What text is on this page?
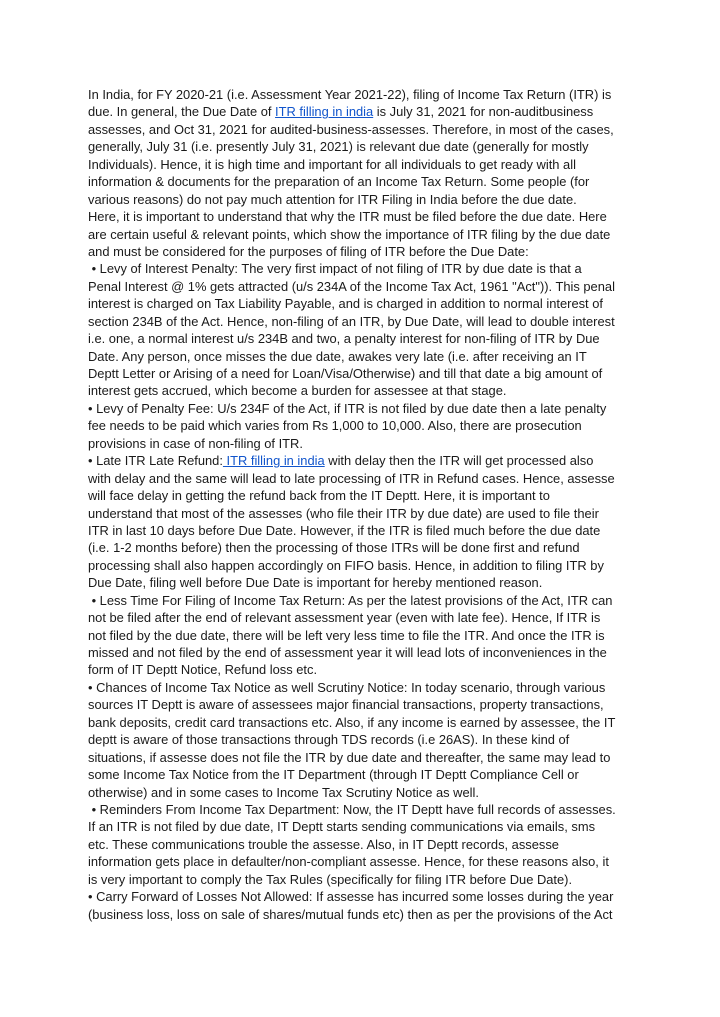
In India, for FY 2020-21 (i.e. Assessment Year 2021-22), filing of Income Tax Return (ITR) is
due. In general, the Due Date of ITR filling in india is July 31, 2021 for non-auditbusiness
assesses, and Oct 31, 2021 for audited-business-assesses. Therefore, in most of the cases,
generally, July 31 (i.e. presently July 31, 2021) is relevant due date (generally for mostly
Individuals). Hence, it is high time and important for all individuals to get ready with all
information & documents for the preparation of an Income Tax Return. Some people (for
various reasons) do not pay much attention for ITR Filing in India before the due date.
Here, it is important to understand that why the ITR must be filed before the due date. Here
are certain useful & relevant points, which show the importance of ITR filing by the due date
and must be considered for the purposes of filing of ITR before the Due Date:
• Levy of Interest Penalty: The very first impact of not filing of ITR by due date is that a
Penal Interest @ 1% gets attracted (u/s 234A of the Income Tax Act, 1961 "Act")). This penal
interest is charged on Tax Liability Payable, and is charged in addition to normal interest of
section 234B of the Act. Hence, non-filing of an ITR, by Due Date, will lead to double interest
i.e. one, a normal interest u/s 234B and two, a penalty interest for non-filing of ITR by Due
Date. Any person, once misses the due date, awakes very late (i.e. after receiving an IT
Deptt Letter or Arising of a need for Loan/Visa/Otherwise) and till that date a big amount of
interest gets accrued, which become a burden for assessee at that stage.
• Levy of Penalty Fee: U/s 234F of the Act, if ITR is not filed by due date then a late penalty
fee needs to be paid which varies from Rs 1,000 to 10,000. Also, there are prosecution
provisions in case of non-filing of ITR.
• Late ITR Late Refund: ITR filling in india with delay then the ITR will get processed also
with delay and the same will lead to late processing of ITR in Refund cases. Hence, assesse
will face delay in getting the refund back from the IT Deptt. Here, it is important to
understand that most of the assesses (who file their ITR by due date) are used to file their
ITR in last 10 days before Due Date. However, if the ITR is filed much before the due date
(i.e. 1-2 months before) then the processing of those ITRs will be done first and refund
processing shall also happen accordingly on FIFO basis. Hence, in addition to filing ITR by
Due Date, filing well before Due Date is important for hereby mentioned reason.
• Less Time For Filing of Income Tax Return: As per the latest provisions of the Act, ITR can
not be filed after the end of relevant assessment year (even with late fee). Hence, If ITR is
not filed by the due date, there will be left very less time to file the ITR. And once the ITR is
missed and not filed by the end of assessment year it will lead lots of inconveniences in the
form of IT Deptt Notice, Refund loss etc.
• Chances of Income Tax Notice as well Scrutiny Notice: In today scenario, through various
sources IT Deptt is aware of assessees major financial transactions, property transactions,
bank deposits, credit card transactions etc. Also, if any income is earned by assessee, the IT
deptt is aware of those transactions through TDS records (i.e 26AS). In these kind of
situations, if assesse does not file the ITR by due date and thereafter, the same may lead to
some Income Tax Notice from the IT Department (through IT Deptt Compliance Cell or
otherwise) and in some cases to Income Tax Scrutiny Notice as well.
• Reminders From Income Tax Department: Now, the IT Deptt have full records of assesses.
If an ITR is not filed by due date, IT Deptt starts sending communications via emails, sms
etc. These communications trouble the assesse. Also, in IT Deptt records, assesse
information gets place in defaulter/non-compliant assesse. Hence, for these reasons also, it
is very important to comply the Tax Rules (specifically for filing ITR before Due Date).
• Carry Forward of Losses Not Allowed: If assesse has incurred some losses during the year
(business loss, loss on sale of shares/mutual funds etc) then as per the provisions of the Act
